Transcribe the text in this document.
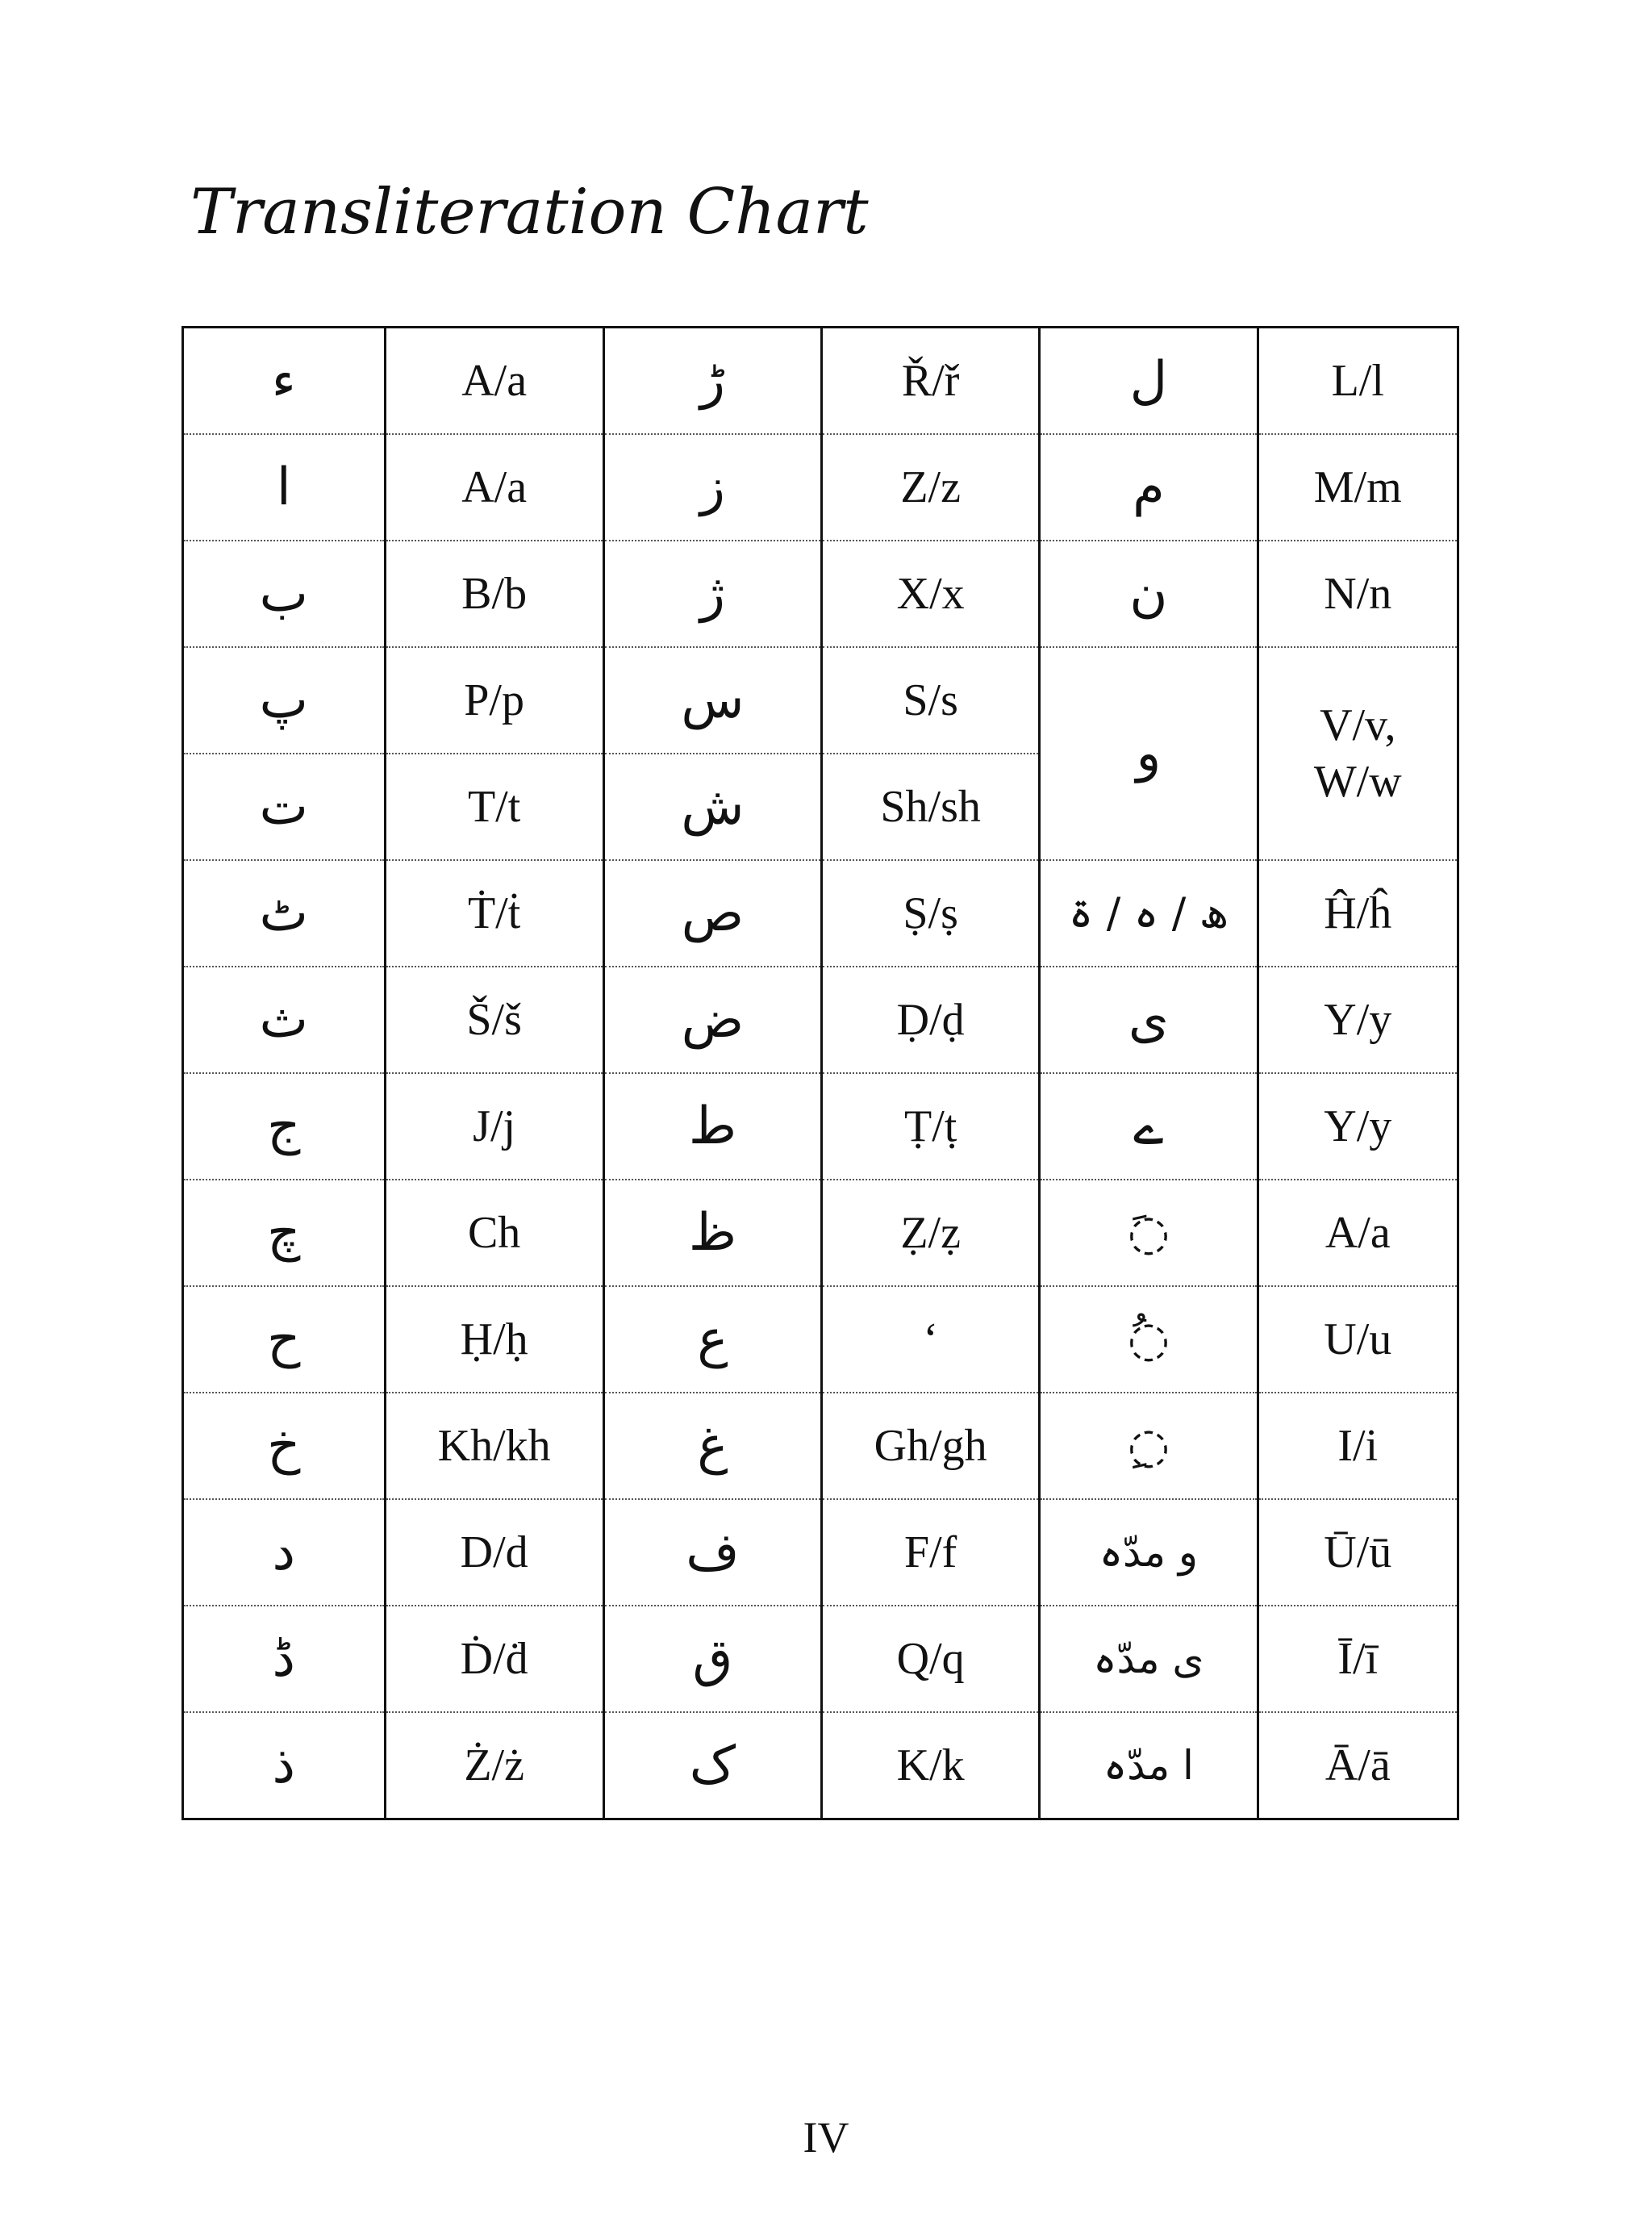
Transliteration Chart
ء	A/a	ڑ	Ř/ř	ل	L/l
ا	A/a	ز	Z/z	م	M/m
ب	B/b	ژ	X/x	ن	N/n
پ	P/p	س	S/s	و	V/v, W/w
ت	T/t	ش	Sh/sh		
ٹ	Ṫ/ṫ	ص	Ṣ/ṣ	ھ / ہ / ۃ	Ĥ/ĥ
ث	Š/š	ض	Ḍ/ḍ	ی	Y/y
ج	J/j	ط	Ṭ/ṭ	ے	Y/y
چ	Ch	ظ	Ẓ/ẓ	◌َ	A/a
ح	Ḥ/ḥ	ع	‘	◌ُ	U/u
خ	Kh/kh	غ	Gh/gh	◌ِ	I/i
د	D/d	ف	F/f	و مدّہ	Ū/ū
ڈ	Ḋ/ḋ	ق	Q/q	ی مدّہ	Ī/ī
ذ	Ż/ż	ک	K/k	ا مدّہ	Ā/ā
IV
